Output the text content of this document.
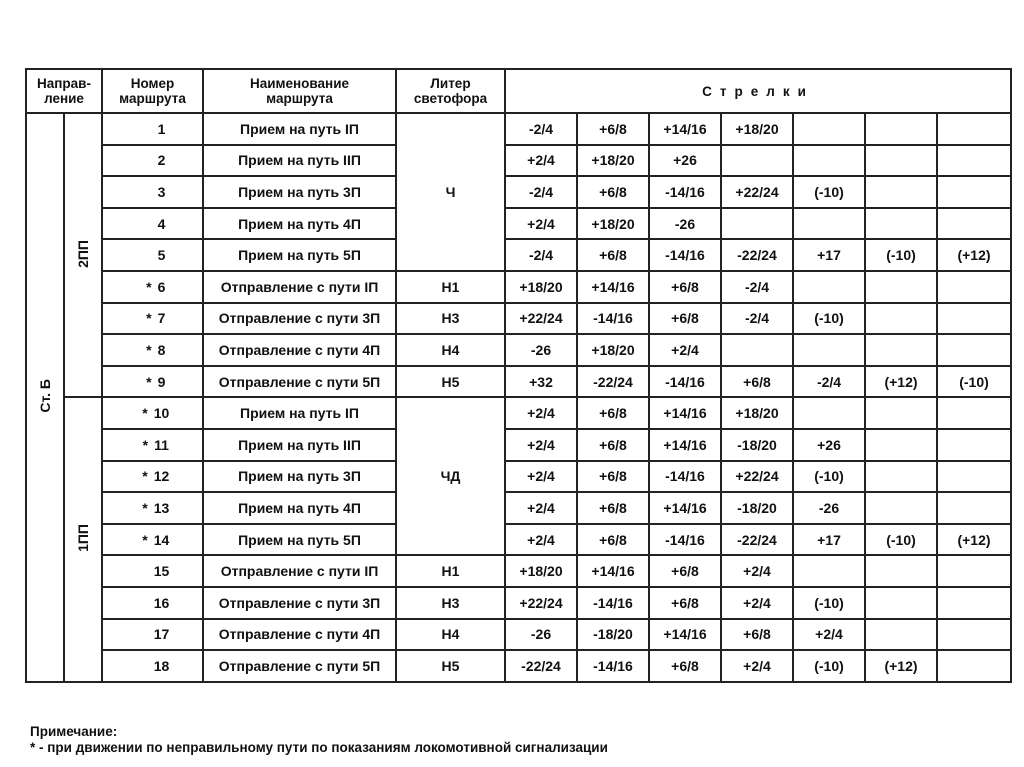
Направ-
ление		Номер
маршрута	Наименование
маршрута	Литер
светофора	Стрелки						
Ст. Б	2ПП	1	Прием на путь IП	Ч	-2/4	+6/8	+14/16	+18/20			
		2	Прием на путь IIП		+2/4	+18/20	+26				
		3	Прием на путь 3П		-2/4	+6/8	-14/16	+22/24	(-10)		
		4	Прием на путь 4П		+2/4	+18/20	-26				
		5	Прием на путь 5П		-2/4	+6/8	-14/16	-22/24	+17	(-10)	(+12)
		* 6	Отправление с пути IП	Н1	+18/20	+14/16	+6/8	-2/4			
		* 7	Отправление с пути 3П	Н3	+22/24	-14/16	+6/8	-2/4	(-10)		
		* 8	Отправление с пути 4П	Н4	-26	+18/20	+2/4				
		* 9	Отправление с пути 5П	Н5	+32	-22/24	-14/16	+6/8	-2/4	(+12)	(-10)
	1ПП	* 10	Прием на путь IП	ЧД	+2/4	+6/8	+14/16	+18/20			
		* 11	Прием на путь IIП		+2/4	+6/8	+14/16	-18/20	+26		
		* 12	Прием на путь 3П		+2/4	+6/8	-14/16	+22/24	(-10)		
		* 13	Прием на путь 4П		+2/4	+6/8	+14/16	-18/20	-26		
		* 14	Прием на путь 5П		+2/4	+6/8	-14/16	-22/24	+17	(-10)	(+12)
		15	Отправление с пути IП	Н1	+18/20	+14/16	+6/8	+2/4			
		16	Отправление с пути 3П	Н3	+22/24	-14/16	+6/8	+2/4	(-10)		
		17	Отправление с пути 4П	Н4	-26	-18/20	+14/16	+6/8	+2/4		
		18	Отправление с пути 5П	Н5	-22/24	-14/16	+6/8	+2/4	(-10)	(+12)	
Примечание:
* - при движении по неправильному пути по показаниям локомотивной сигнализации
